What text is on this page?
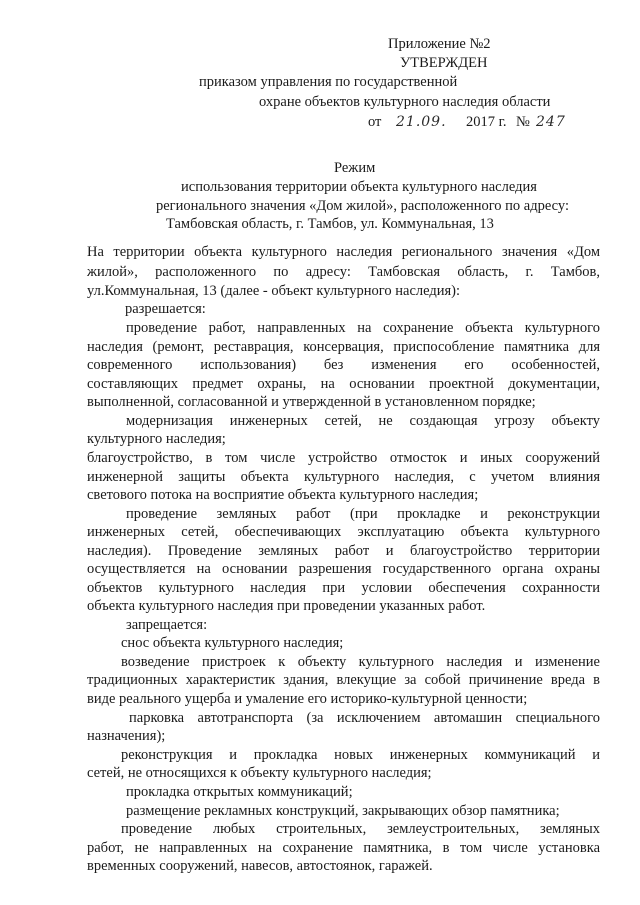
Приложение №2
УТВЕРЖДЕН
приказом управления по государственной
охране объектов культурного наследия области
от 21.09. 2017 г. № 247
Режим
использования территории объекта культурного наследия
регионального значения «Дом жилой», расположенного по адресу:
Тамбовская область, г. Тамбов, ул. Коммунальная, 13
На территории объекта культурного наследия регионального значения «Дом
жилой», расположенного по адресу: Тамбовская область, г. Тамбов,
ул.Коммунальная, 13 (далее - объект культурного наследия):
разрешается:
проведение работ, направленных на сохранение объекта культурного
наследия (ремонт, реставрация, консервация, приспособление памятника для
современного использования) без изменения его особенностей,
составляющих предмет охраны, на основании проектной документации,
выполненной, согласованной и утвержденной в установленном порядке;
модернизация инженерных сетей, не создающая угрозу объекту
культурного наследия;
благоустройство, в том числе устройство отмосток и иных сооружений
инженерной защиты объекта культурного наследия, с учетом влияния
светового потока на восприятие объекта культурного наследия;
проведение земляных работ (при прокладке и реконструкции
инженерных сетей, обеспечивающих эксплуатацию объекта культурного
наследия). Проведение земляных работ и благоустройство территории
осуществляется на основании разрешения государственного органа охраны
объектов культурного наследия при условии обеспечения сохранности
объекта культурного наследия при проведении указанных работ.
запрещается:
снос объекта культурного наследия;
возведение пристроек к объекту культурного наследия и изменение
традиционных характеристик здания, влекущие за собой причинение вреда в
виде реального ущерба и умаление его историко-культурной ценности;
парковка автотранспорта (за исключением автомашин специального
назначения);
реконструкция и прокладка новых инженерных коммуникаций и
сетей, не относящихся к объекту культурного наследия;
прокладка открытых коммуникаций;
размещение рекламных конструкций, закрывающих обзор памятника;
проведение любых строительных, землеустроительных, земляных
работ, не направленных на сохранение памятника, в том числе установка
временных сооружений, навесов, автостоянок, гаражей.
